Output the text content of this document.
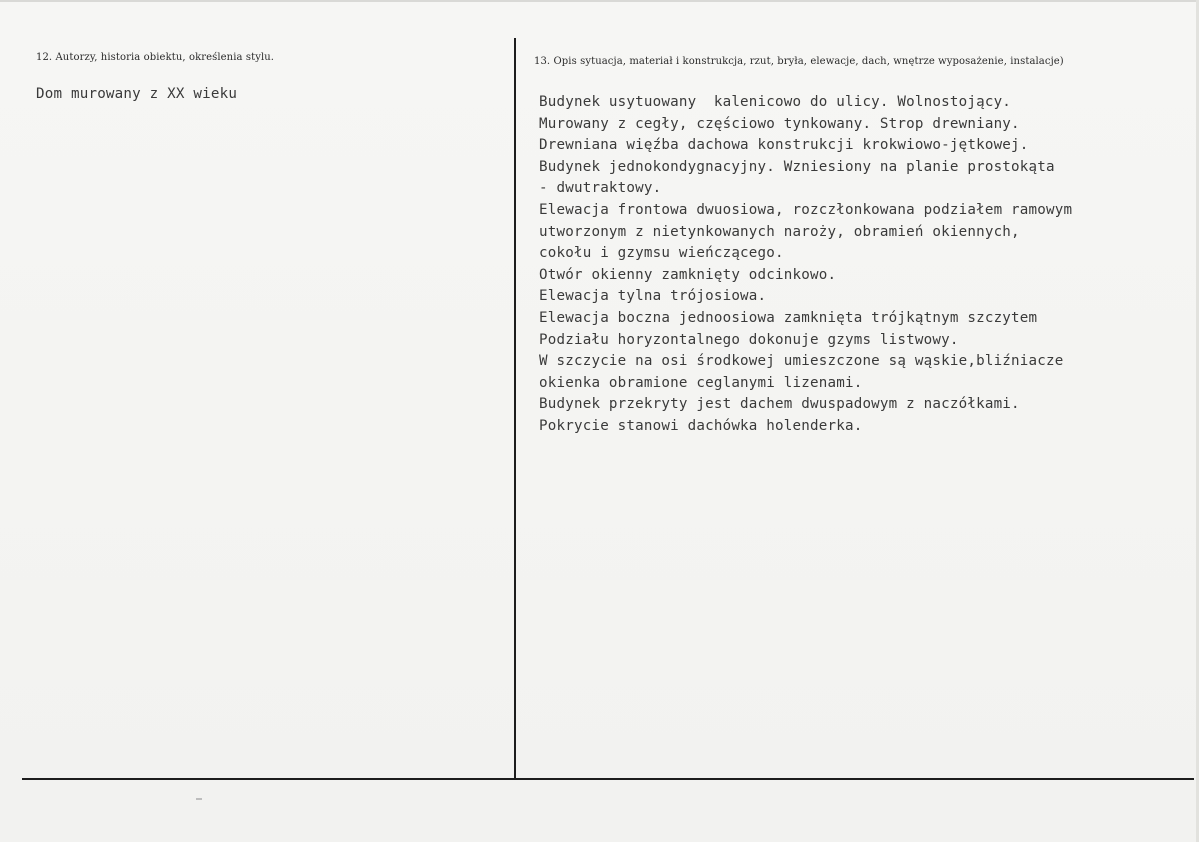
12. Autorzy, historia obiektu, określenia stylu.
Dom murowany z XX wieku
13. Opis sytuacja, materiał i konstrukcja, rzut, bryła, elewacje, dach, wnętrze wyposażenie, instalacje)
Budynek usytuowany  kalenicowo do ulicy. Wolnostojący.
Murowany z cegły, częściowo tynkowany. Strop drewniany.
Drewniana więźba dachowa konstrukcji krokwiowo-jętkowej.
Budynek jednokondygnacyjny. Wzniesiony na planie prostokąta
- dwutraktowy.
Elewacja frontowa dwuosiowa, rozczłonkowana podziałem ramowym
utworzonym z nietynkowanych naroży, obramień okiennych,
cokołu i gzymsu wieńczącego.
Otwór okienny zamknięty odcinkowo.
Elewacja tylna trójosiowa.
Elewacja boczna jednoosiowa zamknięta trójkątnym szczytem
Podziału horyzontalnego dokonuje gzyms listwowy.
W szczycie na osi środkowej umieszczone są wąskie,bliźniacze
okienka obramione ceglanymi lizenami.
Budynek przekryty jest dachem dwuspadowym z naczółkami.
Pokrycie stanowi dachówka holenderka.
